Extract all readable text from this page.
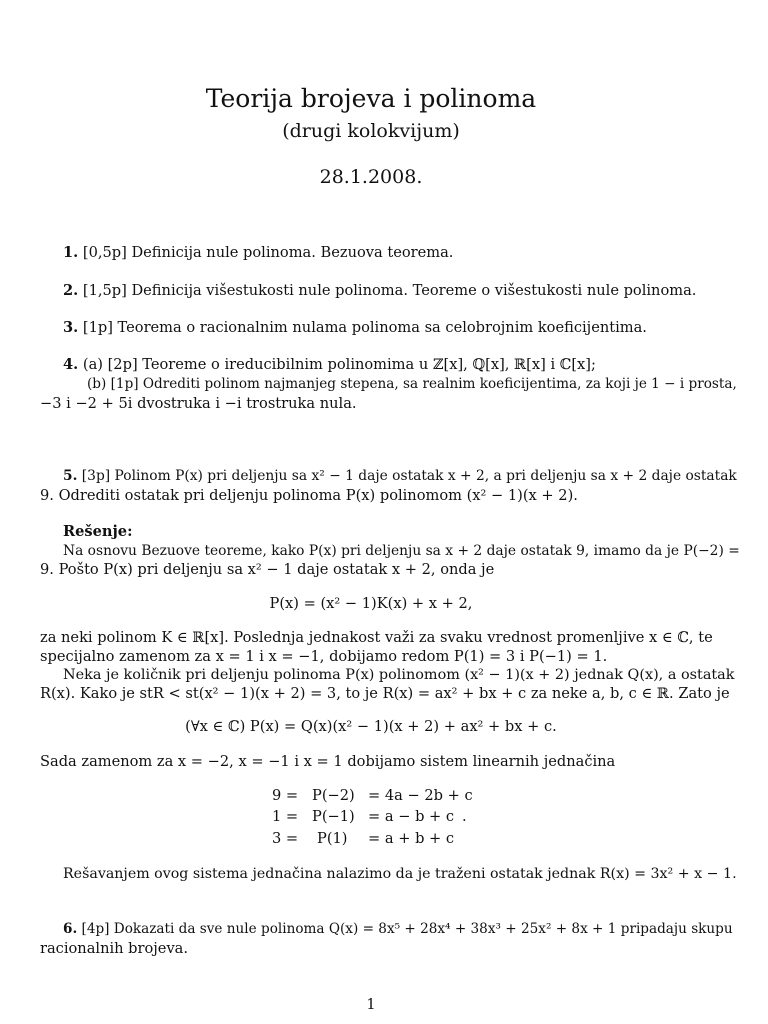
Teorija brojeva i polinoma
(drugi kolokvijum)
28.1.2008.
1. [0,5p] Definicija nule polinoma. Bezuova teorema.
2. [1,5p] Definicija višestukosti nule polinoma. Teoreme o višestukosti nule polinoma.
3. [1p] Teorema o racionalnim nulama polinoma sa celobrojnim koeficijentima.
4. (a) [2p] Teoreme o ireducibilnim polinomima u ℤ[x], ℚ[x], ℝ[x] i ℂ[x];
(b) [1p] Odrediti polinom najmanjeg stepena, sa realnim koeficijentima, za koji je 1 − i prosta,
−3 i −2 + 5i dvostruka i −i trostruka nula.
5. [3p] Polinom P(x) pri deljenju sa x² − 1 daje ostatak x + 2, a pri deljenju sa x + 2 daje ostatak
9. Odrediti ostatak pri deljenju polinoma P(x) polinomom (x² − 1)(x + 2).
Rešenje:
Na osnovu Bezuove teoreme, kako P(x) pri deljenju sa x + 2 daje ostatak 9, imamo da je P(−2) =
9. Pošto P(x) pri deljenju sa x² − 1 daje ostatak x + 2, onda je
P(x) = (x² − 1)K(x) + x + 2,
za neki polinom K ∈ ℝ[x]. Poslednja jednakost važi za svaku vrednost promenljive x ∈ ℂ, te
specijalno zamenom za x = 1 i x = −1, dobijamo redom P(1) = 3 i P(−1) = 1.
Neka je količnik pri deljenju polinoma P(x) polinomom (x² − 1)(x + 2) jednak Q(x), a ostatak
R(x). Kako je stR < st(x² − 1)(x + 2) = 3, to je R(x) = ax² + bx + c za neke a, b, c ∈ ℝ. Zato je
(∀x ∈ ℂ) P(x) = Q(x)(x² − 1)(x + 2) + ax² + bx + c.
Sada zamenom za x = −2, x = −1 i x = 1 dobijamo sistem linearnih jednačina
9 = P(−2) = 4a − 2b + c
1 = P(−1) = a − b + c .
3 = P(1) = a + b + c
Rešavanjem ovog sistema jednačina nalazimo da je traženi ostatak jednak R(x) = 3x² + x − 1.
6. [4p] Dokazati da sve nule polinoma Q(x) = 8x⁵ + 28x⁴ + 38x³ + 25x² + 8x + 1 pripadaju skupu
racionalnih brojeva.
1
